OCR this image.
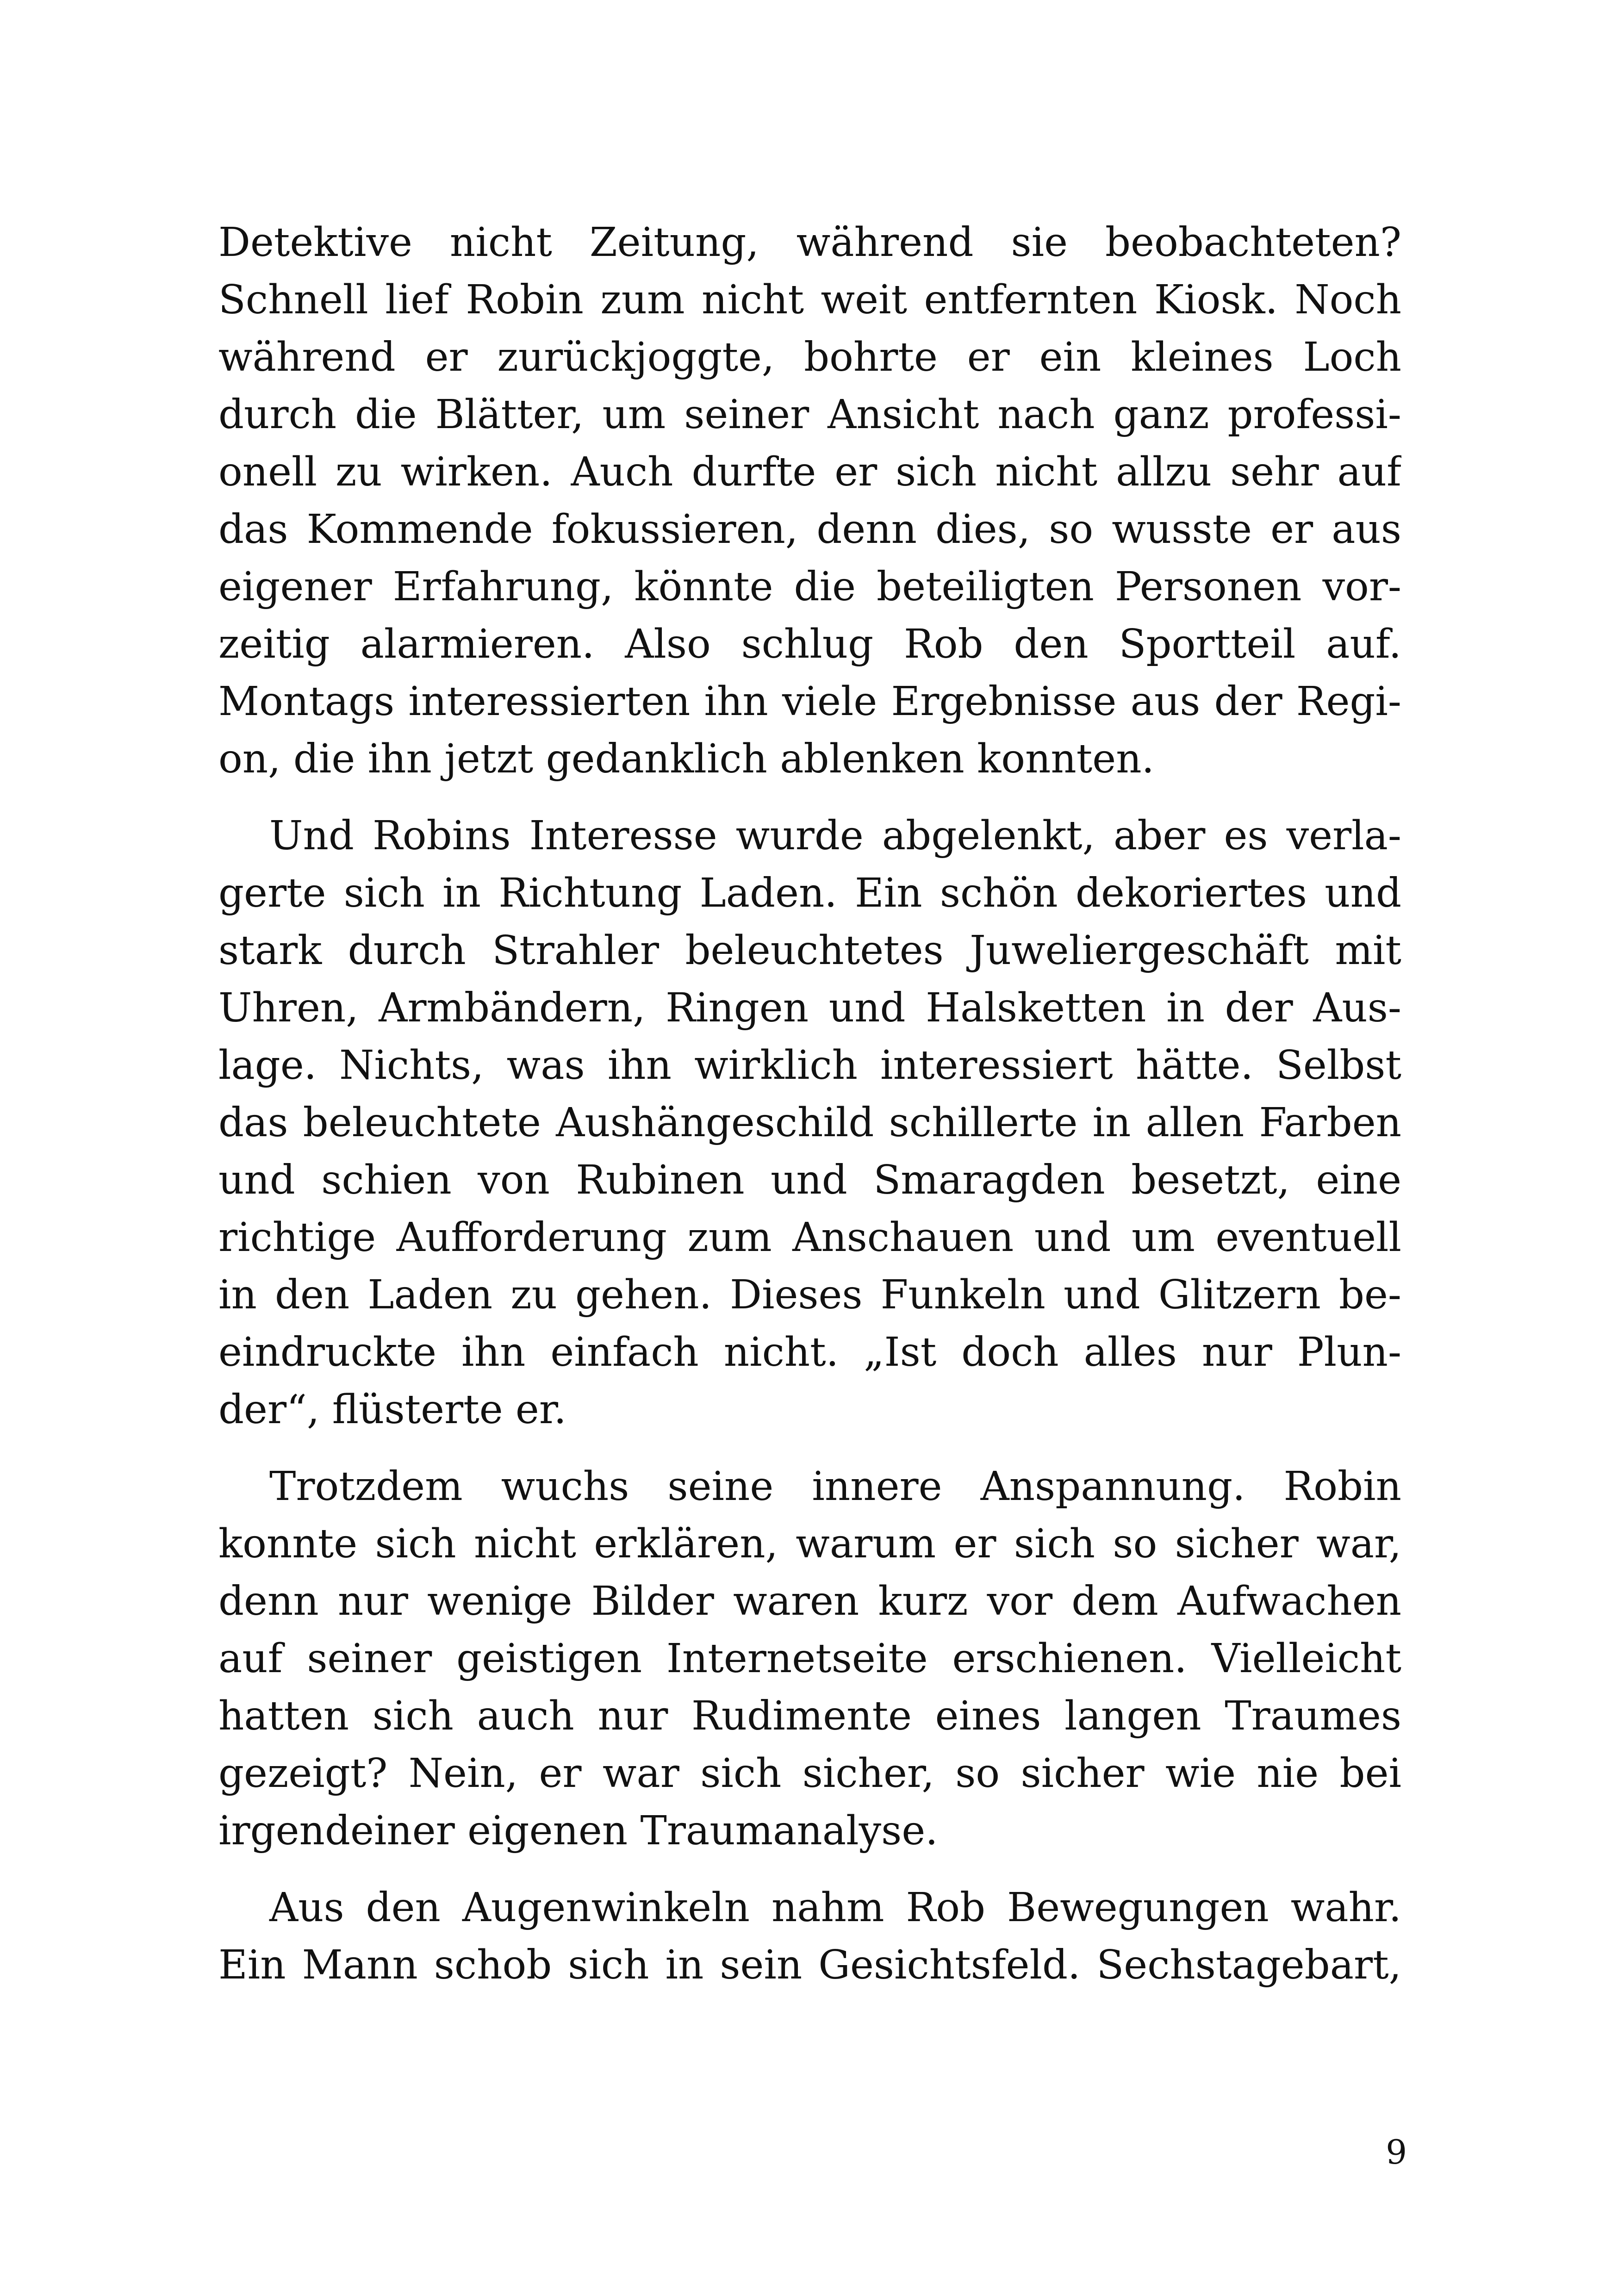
Detektive nicht Zeitung, während sie beobachteten?
Schnell lief Robin zum nicht weit entfernten Kiosk. Noch
während er zurückjoggte, bohrte er ein kleines Loch
durch die Blätter, um seiner Ansicht nach ganz professi-
onell zu wirken. Auch durfte er sich nicht allzu sehr auf
das Kommende fokussieren, denn dies, so wusste er aus
eigener Erfahrung, könnte die beteiligten Personen vor-
zeitig alarmieren. Also schlug Rob den Sportteil auf.
Montags interessierten ihn viele Ergebnisse aus der Regi-
on, die ihn jetzt gedanklich ablenken konnten.
Und Robins Interesse wurde abgelenkt, aber es verla-
gerte sich in Richtung Laden. Ein schön dekoriertes und
stark durch Strahler beleuchtetes Juweliergeschäft mit
Uhren, Armbändern, Ringen und Halsketten in der Aus-
lage. Nichts, was ihn wirklich interessiert hätte. Selbst
das beleuchtete Aushängeschild schillerte in allen Farben
und schien von Rubinen und Smaragden besetzt, eine
richtige Aufforderung zum Anschauen und um eventuell
in den Laden zu gehen. Dieses Funkeln und Glitzern be-
eindruckte ihn einfach nicht. „Ist doch alles nur Plun-
der“, flüsterte er.
Trotzdem wuchs seine innere Anspannung. Robin
konnte sich nicht erklären, warum er sich so sicher war,
denn nur wenige Bilder waren kurz vor dem Aufwachen
auf seiner geistigen Internetseite erschienen. Vielleicht
hatten sich auch nur Rudimente eines langen Traumes
gezeigt? Nein, er war sich sicher, so sicher wie nie bei
irgendeiner eigenen Traumanalyse.
Aus den Augenwinkeln nahm Rob Bewegungen wahr.
Ein Mann schob sich in sein Gesichtsfeld. Sechstagebart,
9
